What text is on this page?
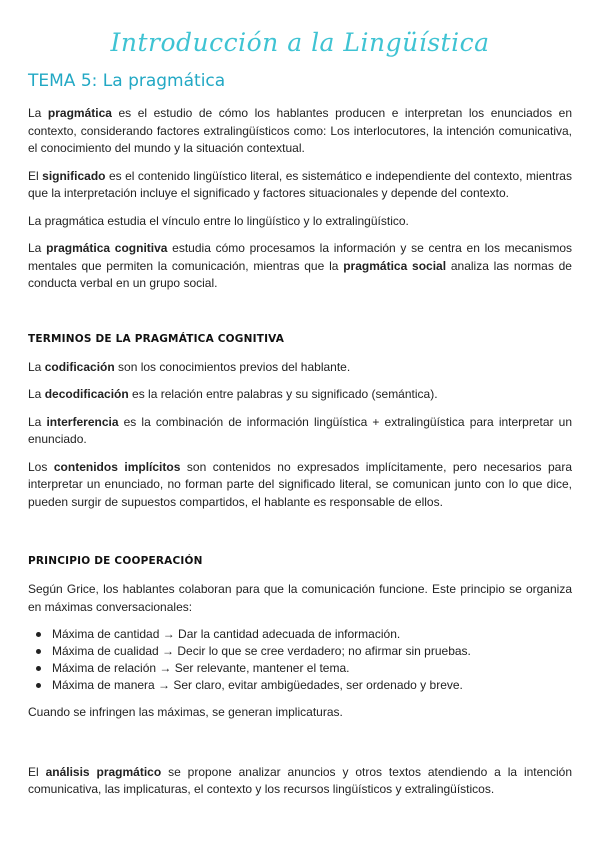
Introducción a la Lingüística
TEMA 5: La pragmática

La pragmática es el estudio de cómo los hablantes producen e interpretan los enunciados en contexto, considerando factores extralingüísticos como: Los interlocutores, la intención comunicativa, el conocimiento del mundo y la situación contextual.

El significado es el contenido lingüístico literal, es sistemático e independiente del contexto, mientras que la interpretación incluye el significado y factores situacionales y depende del contexto.

La pragmática estudia el vínculo entre lo lingüístico y lo extralingüístico.

La pragmática cognitiva estudia cómo procesamos la información y se centra en los mecanismos mentales que permiten la comunicación, mientras que la pragmática social analiza las normas de conducta verbal en un grupo social.

TERMINOS DE LA PRAGMÁTICA COGNITIVA

La codificación son los conocimientos previos del hablante.

La decodificación es la relación entre palabras y su significado (semántica).

La interferencia es la combinación de información lingüística + extralingüística para interpretar un enunciado.

Los contenidos implícitos son contenidos no expresados implícitamente, pero necesarios para interpretar un enunciado, no forman parte del significado literal, se comunican junto con lo que dice, pueden surgir de supuestos compartidos, el hablante es responsable de ellos.

PRINCIPIO DE COOPERACIÓN

Según Grice, los hablantes colaboran para que la comunicación funcione. Este principio se organiza en máximas conversacionales:

Máxima de cantidad → Dar la cantidad adecuada de información.
Máxima de cualidad → Decir lo que se cree verdadero; no afirmar sin pruebas.
Máxima de relación → Ser relevante, mantener el tema.
Máxima de manera → Ser claro, evitar ambigüedades, ser ordenado y breve.

Cuando se infringen las máximas, se generan implicaturas.

El análisis pragmático se propone analizar anuncios y otros textos atendiendo a la intención comunicativa, las implicaturas, el contexto y los recursos lingüísticos y extralingüísticos.
